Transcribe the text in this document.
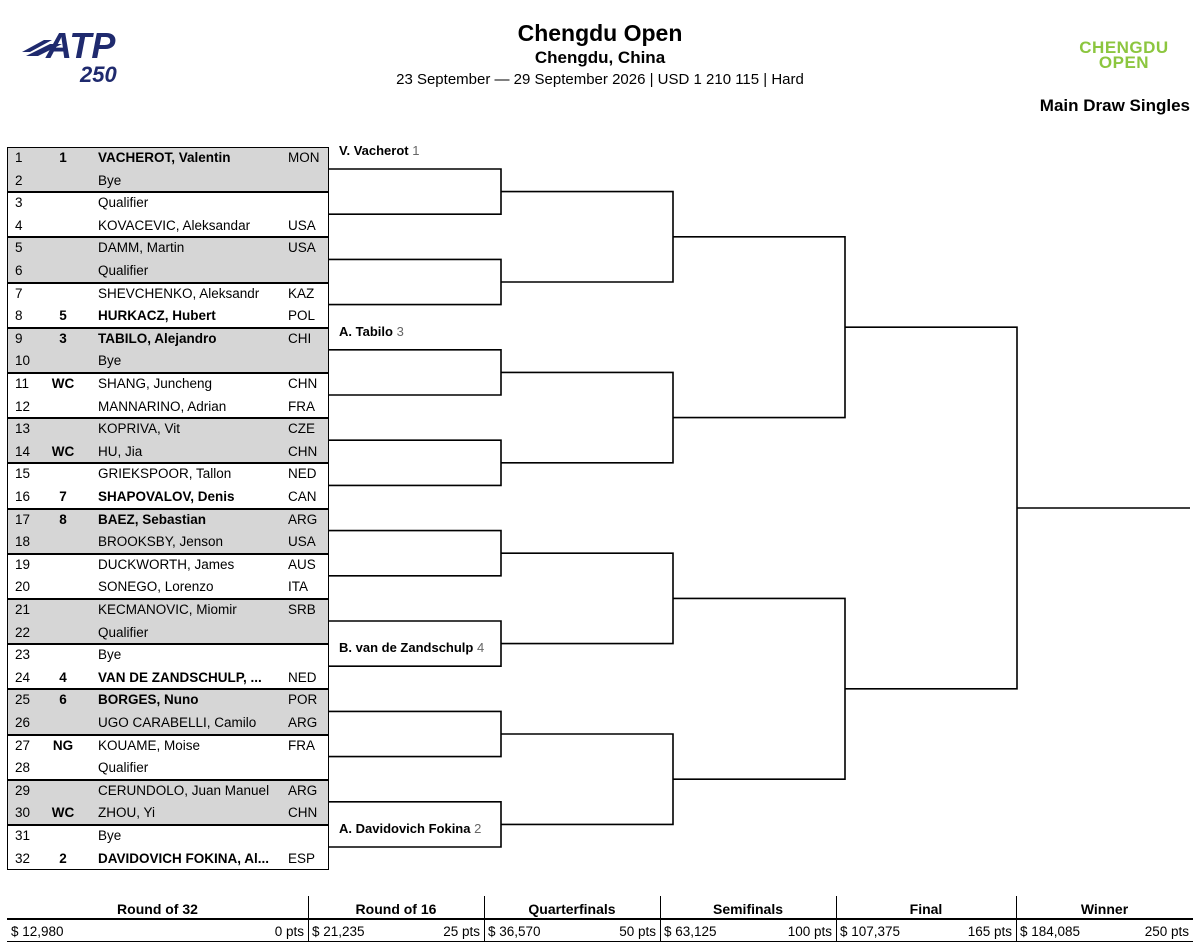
ATP
250
Chengdu Open
Chengdu, China
23 September — 29 September 2026 | USD 1 210 115 | Hard
CHENGDU
OPEN
Main Draw Singles
1	1	VACHEROT, Valentin	MON
2	Bye
3	Qualifier
4	KOVACEVIC, Aleksandar	USA
5	DAMM, Martin	USA
6	Qualifier
7	SHEVCHENKO, Aleksandr	KAZ
8	5	HURKACZ, Hubert	POL
9	3	TABILO, Alejandro	CHI
10	Bye
11	WC	SHANG, Juncheng	CHN
12	MANNARINO, Adrian	FRA
13	KOPRIVA, Vit	CZE
14	WC	HU, Jia	CHN
15	GRIEKSPOOR, Tallon	NED
16	7	SHAPOVALOV, Denis	CAN
17	8	BAEZ, Sebastian	ARG
18	BROOKSBY, Jenson	USA
19	DUCKWORTH, James	AUS
20	SONEGO, Lorenzo	ITA
21	KECMANOVIC, Miomir	SRB
22	Qualifier
23	Bye
24	4	VAN DE ZANDSCHULP, ...	NED
25	6	BORGES, Nuno	POR
26	UGO CARABELLI, Camilo	ARG
27	NG	KOUAME, Moise	FRA
28	Qualifier
29	CERUNDOLO, Juan Manuel	ARG
30	WC	ZHOU, Yi	CHN
31	Bye
32	2	DAVIDOVICH FOKINA, Al...	ESP
V. Vacherot 1
A. Tabilo 3
B. van de Zandschulp 4
A. Davidovich Fokina 2
Round of 32
$ 12,980	0 pts
Round of 16
$ 21,235	25 pts
Quarterfinals
$ 36,570	50 pts
Semifinals
$ 63,125	100 pts
Final
$ 107,375	165 pts
Winner
$ 184,085	250 pts
